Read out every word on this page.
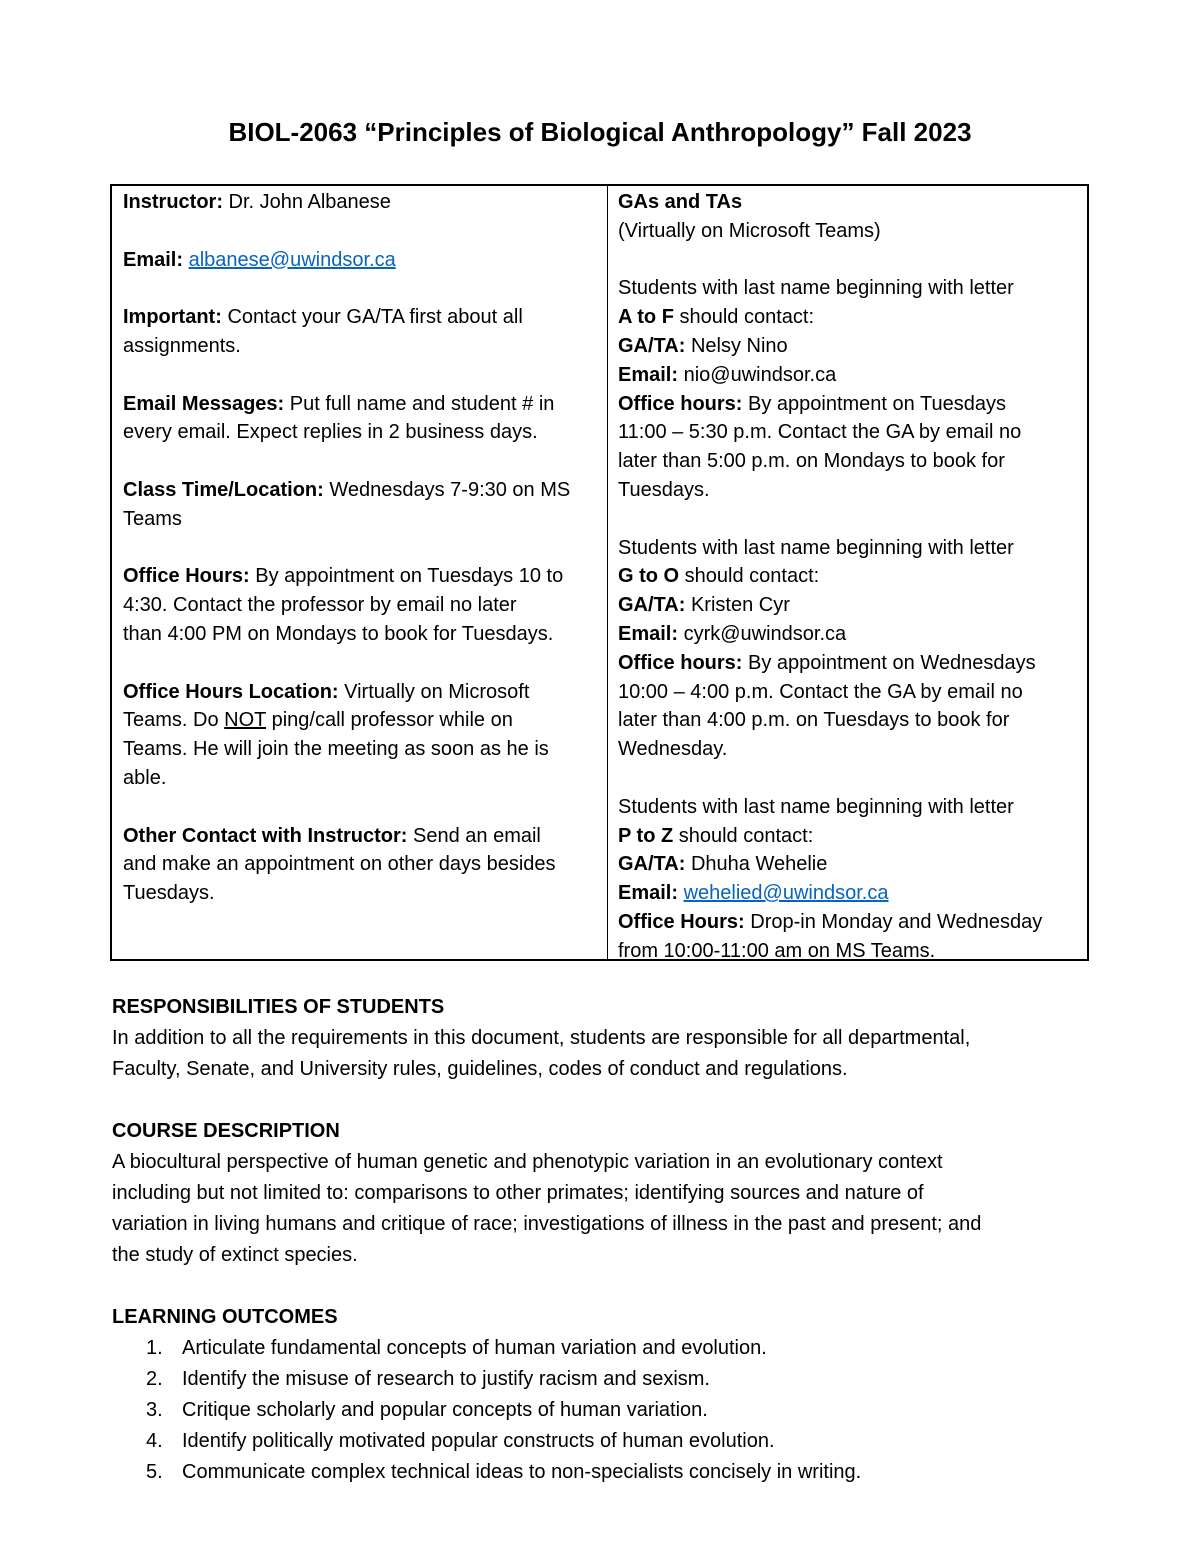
BIOL-2063 “Principles of Biological Anthropology” Fall 2023
Instructor: Dr. John Albanese
Email: albanese@uwindsor.ca
Important: Contact your GA/TA first about all
assignments.
Email Messages: Put full name and student # in
every email. Expect replies in 2 business days.
Class Time/Location: Wednesdays 7-9:30 on MS
Teams
Office Hours: By appointment on Tuesdays 10 to
4:30. Contact the professor by email no later
than 4:00 PM on Mondays to book for Tuesdays.
Office Hours Location: Virtually on Microsoft
Teams. Do NOT ping/call professor while on
Teams. He will join the meeting as soon as he is
able.
Other Contact with Instructor: Send an email
and make an appointment on other days besides
Tuesdays.
GAs and TAs
(Virtually on Microsoft Teams)
Students with last name beginning with letter
A to F should contact:
GA/TA: Nelsy Nino
Email: nio@uwindsor.ca
Office hours: By appointment on Tuesdays
11:00 – 5:30 p.m. Contact the GA by email no
later than 5:00 p.m. on Mondays to book for
Tuesdays.
Students with last name beginning with letter
G to O should contact:
GA/TA: Kristen Cyr
Email: cyrk@uwindsor.ca
Office hours: By appointment on Wednesdays
10:00 – 4:00 p.m. Contact the GA by email no
later than 4:00 p.m. on Tuesdays to book for
Wednesday.
Students with last name beginning with letter
P to Z should contact:
GA/TA: Dhuha Wehelie
Email: wehelied@uwindsor.ca
Office Hours: Drop-in Monday and Wednesday
from 10:00-11:00 am on MS Teams.
RESPONSIBILITIES OF STUDENTS
In addition to all the requirements in this document, students are responsible for all departmental,
Faculty, Senate, and University rules, guidelines, codes of conduct and regulations.
COURSE DESCRIPTION
A biocultural perspective of human genetic and phenotypic variation in an evolutionary context
including but not limited to: comparisons to other primates; identifying sources and nature of
variation in living humans and critique of race; investigations of illness in the past and present; and
the study of extinct species.
LEARNING OUTCOMES
1. Articulate fundamental concepts of human variation and evolution.
2. Identify the misuse of research to justify racism and sexism.
3. Critique scholarly and popular concepts of human variation.
4. Identify politically motivated popular constructs of human evolution.
5. Communicate complex technical ideas to non-specialists concisely in writing.
